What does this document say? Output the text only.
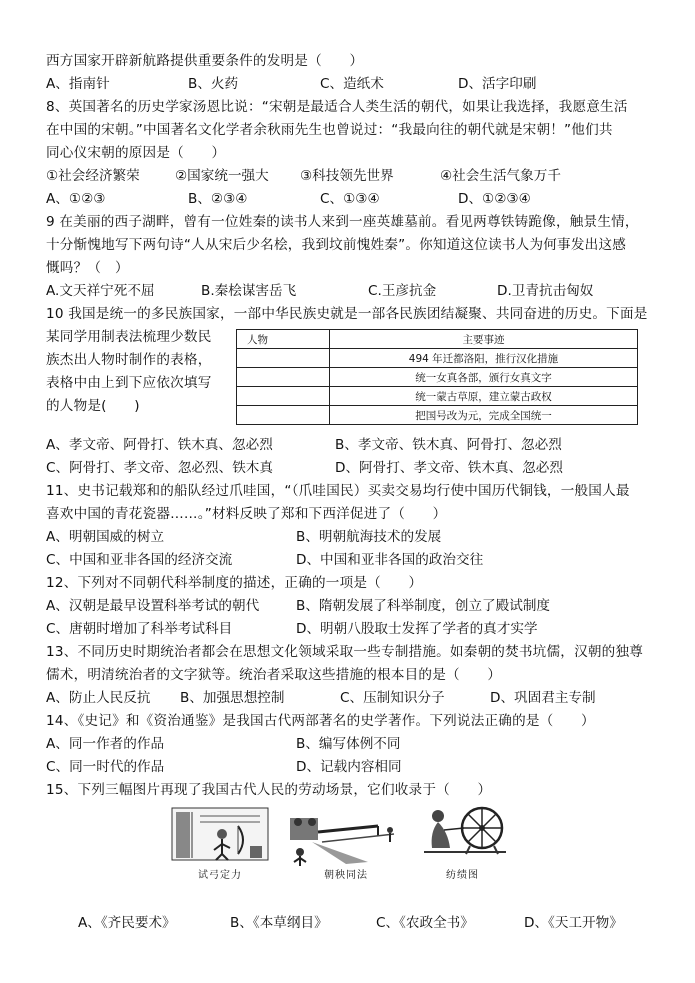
西方国家开辟新航路提供重要条件的发明是（　　）
A、指南针	B、火药	C、造纸术	D、活字印刷
8、英国著名的历史学家汤恩比说：“宋朝是最适合人类生活的朝代，如果让我选择，我愿意生活
在中国的宋朝。”中国著名文化学者余秋雨先生也曾说过：“我最向往的朝代就是宋朝！”他们共
同心仪宋朝的原因是（　　）
①社会经济繁荣	②国家统一强大 ③科技领先世界	④社会生活气象万千
A、①②③	B、②③④	C、①③④	D、①②③④
9 在美丽的西子湖畔，曾有一位姓秦的读书人来到一座英雄墓前。看见两尊铁铸跪像，触景生情，
十分惭愧地写下两句诗“人从宋后少名桧，我到坟前愧姓秦”。你知道这位读书人为何事发出这感
慨吗？（　）
A.文天祥宁死不屈	B.秦桧谋害岳飞	C.王彦抗金	D.卫青抗击匈奴
10 我国是统一的多民族国家，一部中华民族史就是一部各民族团结凝聚、共同奋进的历史。下面是
某同学用制表法梳理少数民
族杰出人物时制作的表格，
表格中由上到下应依次填写
的人物是(　　)
人物	主要事迹
	494 年迁都洛阳，推行汉化措施
	统一女真各部，颁行女真文字
	统一蒙古草原，建立蒙古政权
	把国号改为元，完成全国统一
A、孝文帝、阿骨打、铁木真、忽必烈	B、孝文帝、铁木真、阿骨打、忽必烈
C、阿骨打、孝文帝、忽必烈、铁木真	D、阿骨打、孝文帝、铁木真、忽必烈
11、史书记载郑和的船队经过爪哇国，“（爪哇国民）买卖交易均行使中国历代铜钱，一般国人最
喜欢中国的青花瓷器……。”材料反映了郑和下西洋促进了（　　）
A、明朝国威的树立	B、明朝航海技术的发展
C、中国和亚非各国的经济交流	D、中国和亚非各国的政治交往
12、下列对不同朝代科举制度的描述，正确的一项是（　　）
A、汉朝是最早设置科举考试的朝代	B、隋朝发展了科举制度，创立了殿试制度
C、唐朝时增加了科举考试科目	D、明朝八股取士发挥了学者的真才实学
13、不同历史时期统治者都会在思想文化领域采取一些专制措施。如秦朝的焚书坑儒，汉朝的独尊
儒术，明清统治者的文字狱等。统治者采取这些措施的根本目的是（　　）
A、防止人民反抗 B、加强思想控制	C、压制知识分子	D、巩固君主专制
14、《史记》和《资治通鉴》是我国古代两部著名的史学著作。下列说法正确的是（　　）
A、同一作者的作品	B、编写体例不同
C、同一时代的作品	D、记载内容相同
15、下列三幅图片再现了我国古代人民的劳动场景，它们收录于（　　）
试弓定力	朝秧同法	纺绩图
A、《齐民要术》	B、《本草纲目》	C、《农政全书》	D、《天工开物》
